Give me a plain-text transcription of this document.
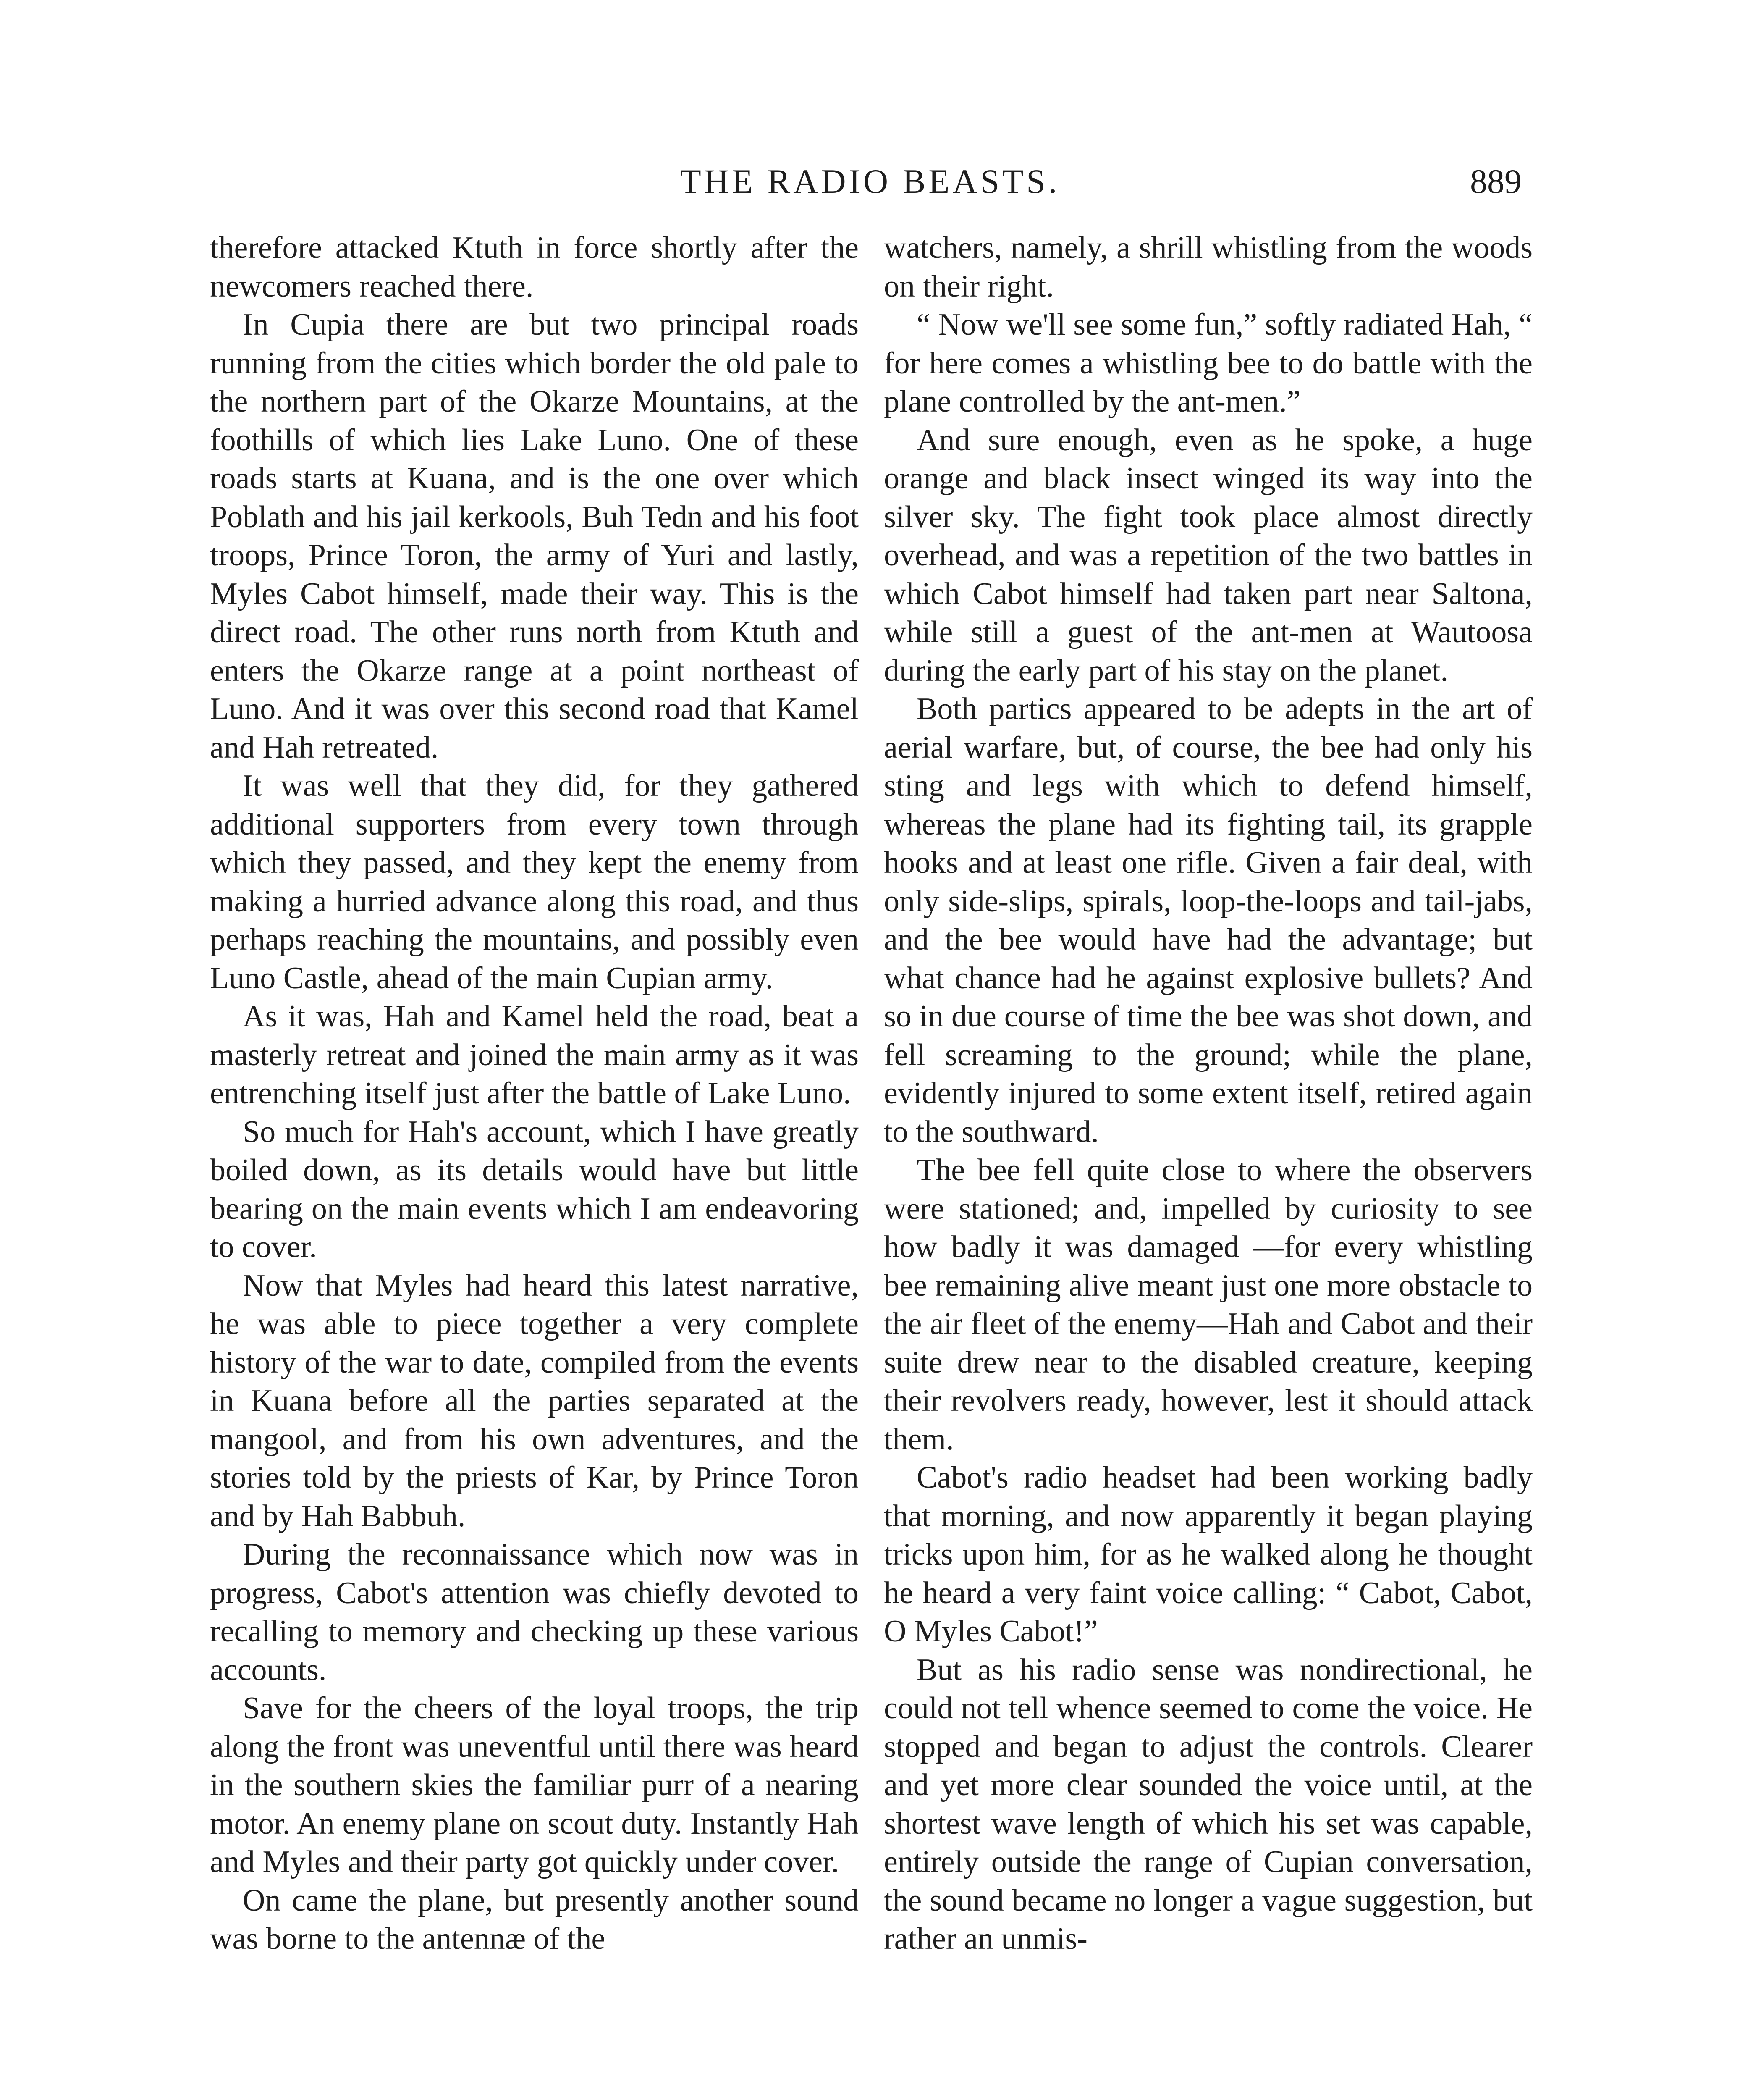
THE RADIO BEASTS.	889

therefore attacked Ktuth in force shortly after the newcomers reached there.

In Cupia there are but two principal roads running from the cities which border the old pale to the northern part of the Okarze Mountains, at the foothills of which lies Lake Luno. One of these roads starts at Kuana, and is the one over which Poblath and his jail kerkools, Buh Tedn and his foot troops, Prince Toron, the army of Yuri and lastly, Myles Cabot himself, made their way. This is the direct road. The other runs north from Ktuth and enters the Okarze range at a point northeast of Luno. And it was over this second road that Kamel and Hah retreated.

It was well that they did, for they gathered additional supporters from every town through which they passed, and they kept the enemy from making a hurried advance along this road, and thus perhaps reaching the mountains, and possibly even Luno Castle, ahead of the main Cupian army.

As it was, Hah and Kamel held the road, beat a masterly retreat and joined the main army as it was entrenching itself just after the battle of Lake Luno.

So much for Hah's account, which I have greatly boiled down, as its details would have but little bearing on the main events which I am endeavoring to cover.

Now that Myles had heard this latest narrative, he was able to piece together a very complete history of the war to date, compiled from the events in Kuana before all the parties separated at the mangool, and from his own adventures, and the stories told by the priests of Kar, by Prince Toron and by Hah Babbuh.

During the reconnaissance which now was in progress, Cabot's attention was chiefly devoted to recalling to memory and checking up these various accounts.

Save for the cheers of the loyal troops, the trip along the front was uneventful until there was heard in the southern skies the familiar purr of a nearing motor. An enemy plane on scout duty. Instantly Hah and Myles and their party got quickly under cover.

On came the plane, but presently another sound was borne to the antennæ of the

watchers, namely, a shrill whistling from the woods on their right.

“ Now we'll see some fun,” softly radiated Hah, “ for here comes a whistling bee to do battle with the plane controlled by the ant-men.”

And sure enough, even as he spoke, a huge orange and black insect winged its way into the silver sky. The fight took place almost directly overhead, and was a repetition of the two battles in which Cabot himself had taken part near Saltona, while still a guest of the ant-men at Wautoosa during the early part of his stay on the planet.

Both partics appeared to be adepts in the art of aerial warfare, but, of course, the bee had only his sting and legs with which to defend himself, whereas the plane had its fighting tail, its grapple hooks and at least one rifle. Given a fair deal, with only side-slips, spirals, loop-the-loops and tail-jabs, and the bee would have had the advantage; but what chance had he against explosive bullets? And so in due course of time the bee was shot down, and fell screaming to the ground; while the plane, evidently injured to some extent itself, retired again to the southward.

The bee fell quite close to where the observers were stationed; and, impelled by curiosity to see how badly it was damaged —for every whistling bee remaining alive meant just one more obstacle to the air fleet of the enemy—Hah and Cabot and their suite drew near to the disabled creature, keeping their revolvers ready, however, lest it should attack them.

Cabot's radio headset had been working badly that morning, and now apparently it began playing tricks upon him, for as he walked along he thought he heard a very faint voice calling: “ Cabot, Cabot, O Myles Cabot!”

But as his radio sense was nondirectional, he could not tell whence seemed to come the voice. He stopped and began to adjust the controls. Clearer and yet more clear sounded the voice until, at the shortest wave length of which his set was capable, entirely outside the range of Cupian conversation, the sound became no longer a vague suggestion, but rather an unmis-
